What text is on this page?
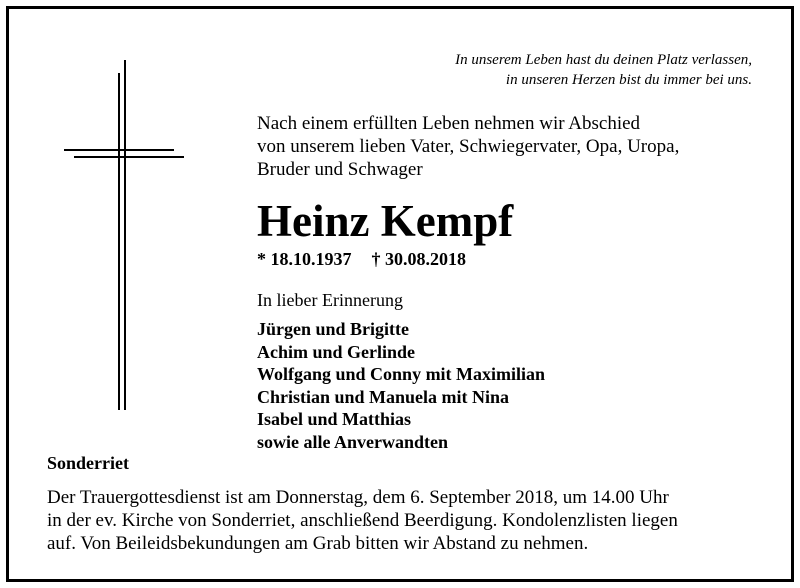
In unserem Leben hast du deinen Platz verlassen,
in unseren Herzen bist du immer bei uns.
Nach einem erfüllten Leben nehmen wir Abschied
von unserem lieben Vater, Schwiegervater, Opa, Uropa,
Bruder und Schwager
Heinz Kempf
* 18.10.1937 † 30.08.2018
In lieber Erinnerung
Jürgen und Brigitte
Achim und Gerlinde
Wolfgang und Conny mit Maximilian
Christian und Manuela mit Nina
Isabel und Matthias
sowie alle Anverwandten
Sonderriet
Der Trauergottesdienst ist am Donnerstag, dem 6. September 2018, um 14.00 Uhr
in der ev. Kirche von Sonderriet, anschließend Beerdigung. Kondolenzlisten liegen
auf. Von Beileidsbekundungen am Grab bitten wir Abstand zu nehmen.
